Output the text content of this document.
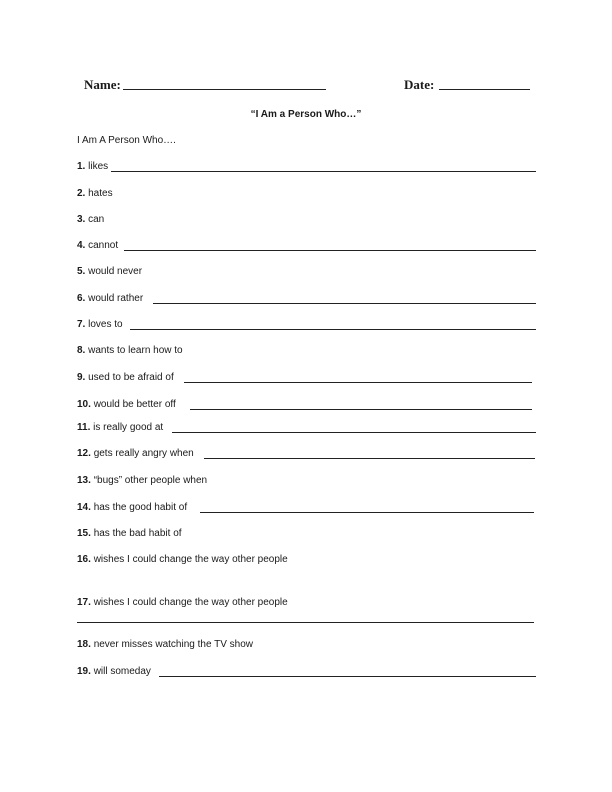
Name:	Date:
“I Am a Person Who…”
I Am A Person Who….
1. likes
2. hates
3. can
4. cannot
5. would never
6. would rather
7. loves to
8. wants to learn how to
9. used to be afraid of
10. would be better off
11. is really good at
12. gets really angry when
13. “bugs” other people when
14. has the good habit of
15. has the bad habit of
16. wishes I could change the way other people
17. wishes I could change the way other people
18. never misses watching the TV show
19. will someday
